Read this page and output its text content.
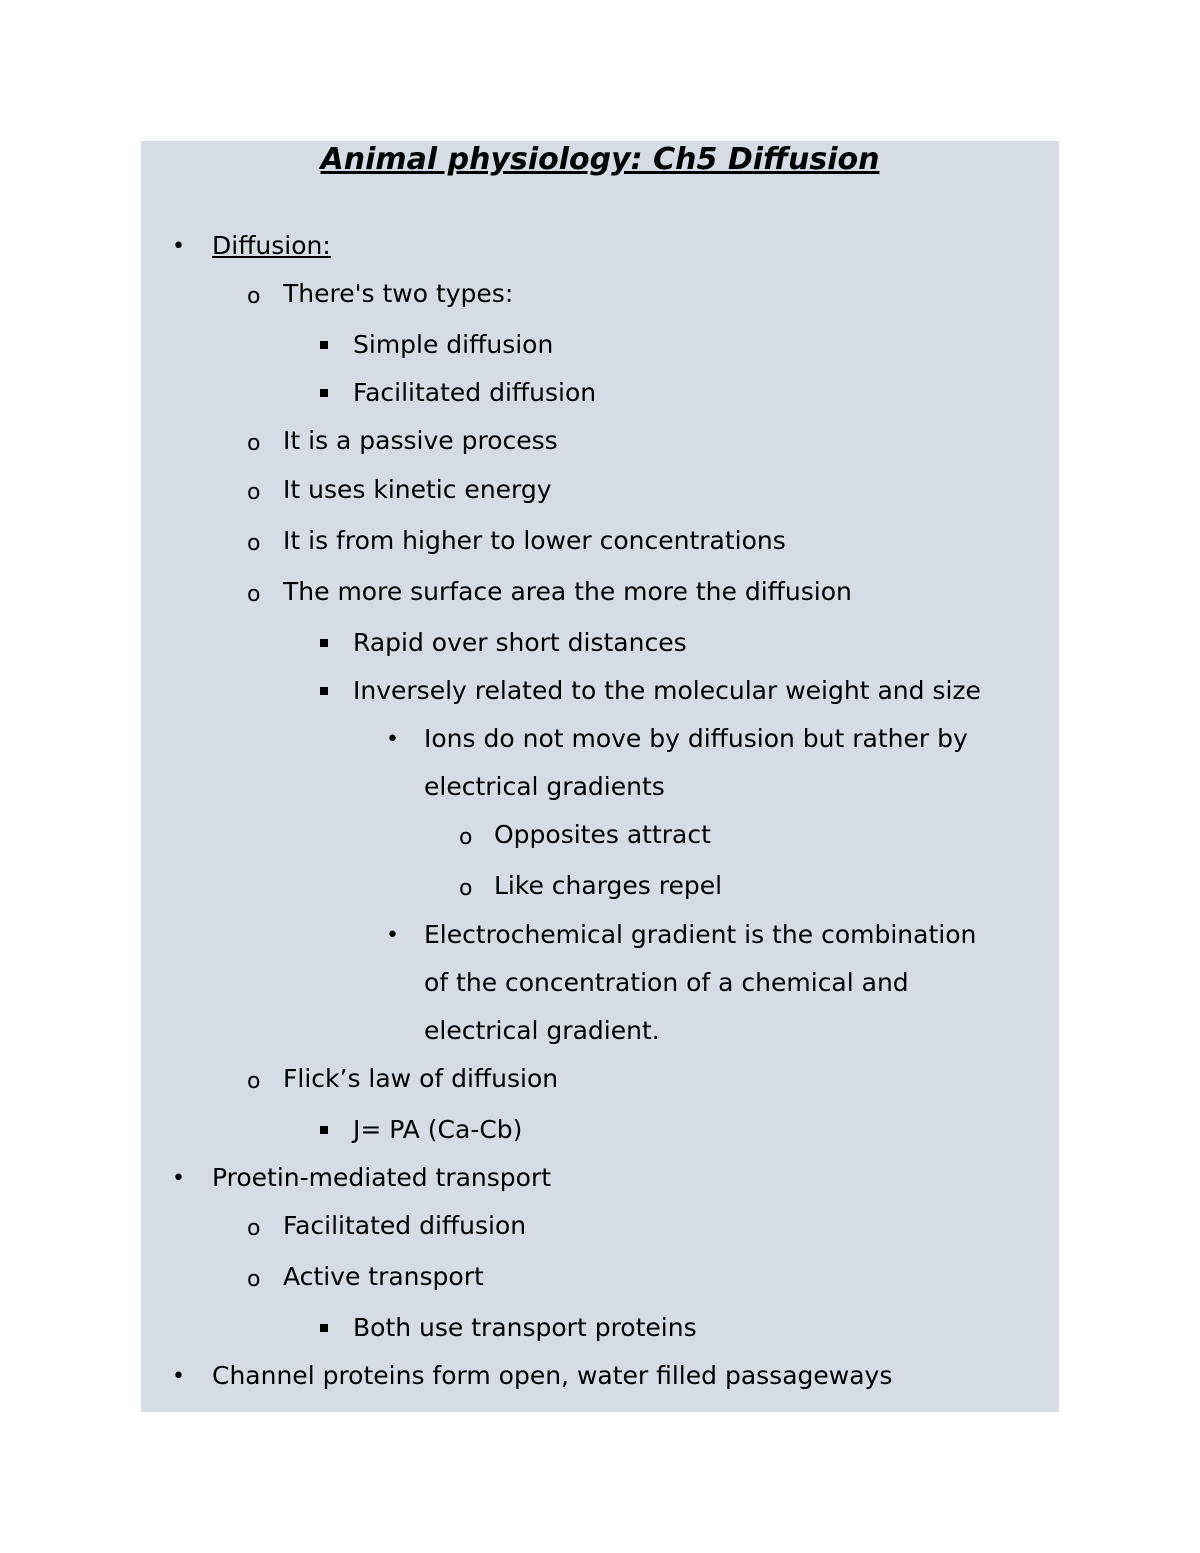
Animal physiology: Ch5 Diffusion
• Diffusion:
o There's two types:
Simple diffusion
Facilitated diffusion
o It is a passive process
o It uses kinetic energy
o It is from higher to lower concentrations
o The more surface area the more the diffusion
Rapid over short distances
Inversely related to the molecular weight and size
• Ions do not move by diffusion but rather by
electrical gradients
o Opposites attract
o Like charges repel
• Electrochemical gradient is the combination
of the concentration of a chemical and
electrical gradient.
o Flick’s law of diffusion
J= PA (Ca-Cb)
• Proetin-mediated transport
o Facilitated diffusion
o Active transport
Both use transport proteins
• Channel proteins form open, water filled passageways
